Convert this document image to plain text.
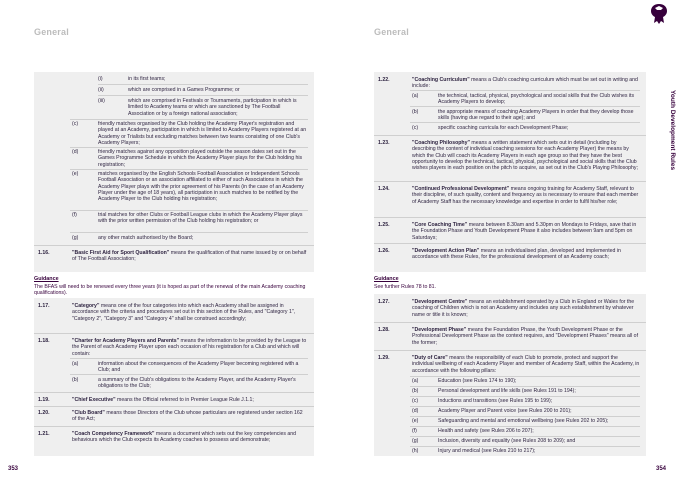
General
(i)	in its first teams;
(ii)	which are comprised in a Games Programme; or
(iii)	which are comprised in Festivals or Tournaments, participation in which is limited to Academy teams or which are sanctioned by The Football Association or by a foreign national association;
(c)	friendly matches organised by the Club holding the Academy Player's registration and played at an Academy, participation in which is limited to Academy Players registered at an Academy or Trialists but excluding matches between two teams consisting of one Club's Academy Players;
(d)	friendly matches against any opposition played outside the season dates set out in the Games Programme Schedule in which the Academy Player plays for the Club holding his registration;
(e)	matches organised by the English Schools Football Association or Independent Schools Football Association or an association affiliated to either of such Associations in which the Academy Player plays with the prior agreement of his Parents (in the case of an Academy Player under the age of 18 years), all participation in such matches to be notified by the Academy Player to the Club holding his registration;
(f)	trial matches for other Clubs or Football League clubs in which the Academy Player plays with the prior written permission of the Club holding his registration; or
(g)	any other match authorised by the Board;
1.16.	"Basic First Aid for Sport Qualification" means the qualification of that name issued by or on behalf of The Football Association;
Guidance
The BFAS will need to be renewed every three years (it is hoped as part of the renewal of the main Academy coaching qualifications).
1.17.	"Category" means one of the four categories into which each Academy shall be assigned in accordance with the criteria and procedures set out in this section of the Rules, and "Category 1", "Category 2", "Category 3" and "Category 4" shall be construed accordingly;
1.18.	"Charter for Academy Players and Parents" means the information to be provided by the League to the Parent of each Academy Player upon each occasion of his registration for a Club and which will contain:
(a)	information about the consequences of the Academy Player becoming registered with a Club; and
(b)	a summary of the Club's obligations to the Academy Player, and the Academy Player's obligations to the Club;
1.19.	"Chief Executive" means the Official referred to in Premier League Rule J.1.1;
1.20.	"Club Board" means those Directors of the Club whose particulars are registered under section 162 of the Act;
1.21.	"Coach Competency Framework" means a document which sets out the key competencies and behaviours which the Club expects its Academy coaches to possess and demonstrate;
353
General
Youth Development Rules
1.22.	"Coaching Curriculum" means a Club's coaching curriculum which must be set out in writing and include:
(a)	the technical, tactical, physical, psychological and social skills that the Club wishes its Academy Players to develop;
(b)	the appropriate means of coaching Academy Players in order that they develop those skills (having due regard to their age); and
(c)	specific coaching curricula for each Development Phase;
1.23.	"Coaching Philosophy" means a written statement which sets out in detail (including by describing the content of individual coaching sessions for each Academy Player) the means by which the Club will coach its Academy Players in each age group so that they have the best opportunity to develop the technical, tactical, physical, psychological and social skills that the Club wishes players in each position on the pitch to acquire, as set out in the Club's Playing Philosophy;
1.24.	"Continued Professional Development" means ongoing training for Academy Staff, relevant to their discipline, of such quality, content and frequency as is necessary to ensure that each member of Academy Staff has the necessary knowledge and expertise in order to fulfil his/her role;
1.25.	"Core Coaching Time" means between 8.30am and 5.30pm on Mondays to Fridays, save that in the Foundation Phase and Youth Development Phase it also includes between 9am and 5pm on Saturdays;
1.26.	"Development Action Plan" means an individualised plan, developed and implemented in accordance with these Rules, for the professional development of an Academy coach;
Guidance
See further Rules 78 to 81.
1.27.	"Development Centre" means an establishment operated by a Club in England or Wales for the coaching of Children which is not an Academy and includes any such establishment by whatever name or title it is known;
1.28.	"Development Phase" means the Foundation Phase, the Youth Development Phase or the Professional Development Phase as the context requires, and "Development Phases" means all of the former;
1.29.	"Duty of Care" means the responsibility of each Club to promote, protect and support the individual wellbeing of each Academy Player and member of Academy Staff, within the Academy, in accordance with the following pillars:
(a)	Education (see Rules 174 to 190);
(b)	Personal development and life skills (see Rules 191 to 194);
(c)	Inductions and transitions (see Rules 195 to 199);
(d)	Academy Player and Parent voice (see Rules 200 to 201);
(e)	Safeguarding and mental and emotional wellbeing (see Rules 202 to 205);
(f)	Health and safety (see Rules 206 to 207);
(g)	Inclusion, diversity and equality (see Rules 208 to 209); and
(h)	Injury and medical (see Rules 210 to 217);
354
